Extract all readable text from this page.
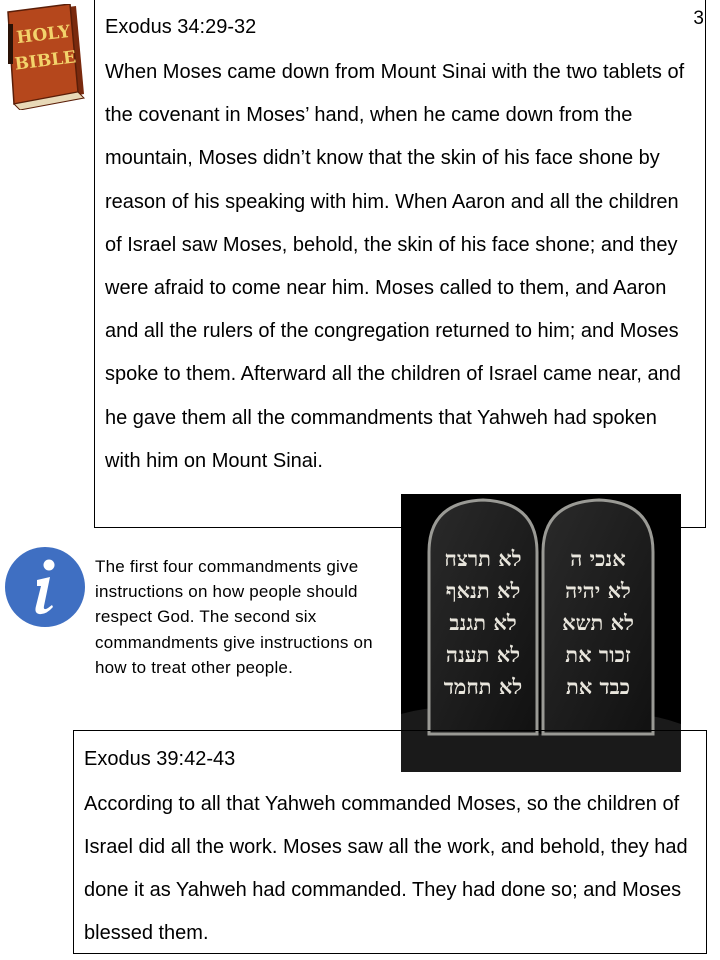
3
HOLY
BIBLE
Exodus 34:29-32
When Moses came down from Mount Sinai with the two tablets of the covenant in Moses’ hand, when he came down from the mountain, Moses didn’t know that the skin of his face shone by reason of his speaking with him. When Aaron and all the children of Israel saw Moses, behold, the skin of his face shone; and they were afraid to come near him. Moses called to them, and Aaron and all the rulers of the congregation returned to him; and Moses spoke to them. Afterward all the children of Israel came near, and he gave them all the commandments that Yahweh had spoken with him on Mount Sinai.
The first four commandments give instructions on how people should respect God. The second six commandments give instructions on how to treat other people.
לא תרצח
לא תנאף
לא תגנב
לא תענה
לא תחמד
אנכי ה
לא יהיה
לא תשא
זכור את
כבד את
Exodus 39:42-43
According to all that Yahweh commanded Moses, so the children of Israel did all the work. Moses saw all the work, and behold, they had done it as Yahweh had commanded. They had done so; and Moses blessed them.
